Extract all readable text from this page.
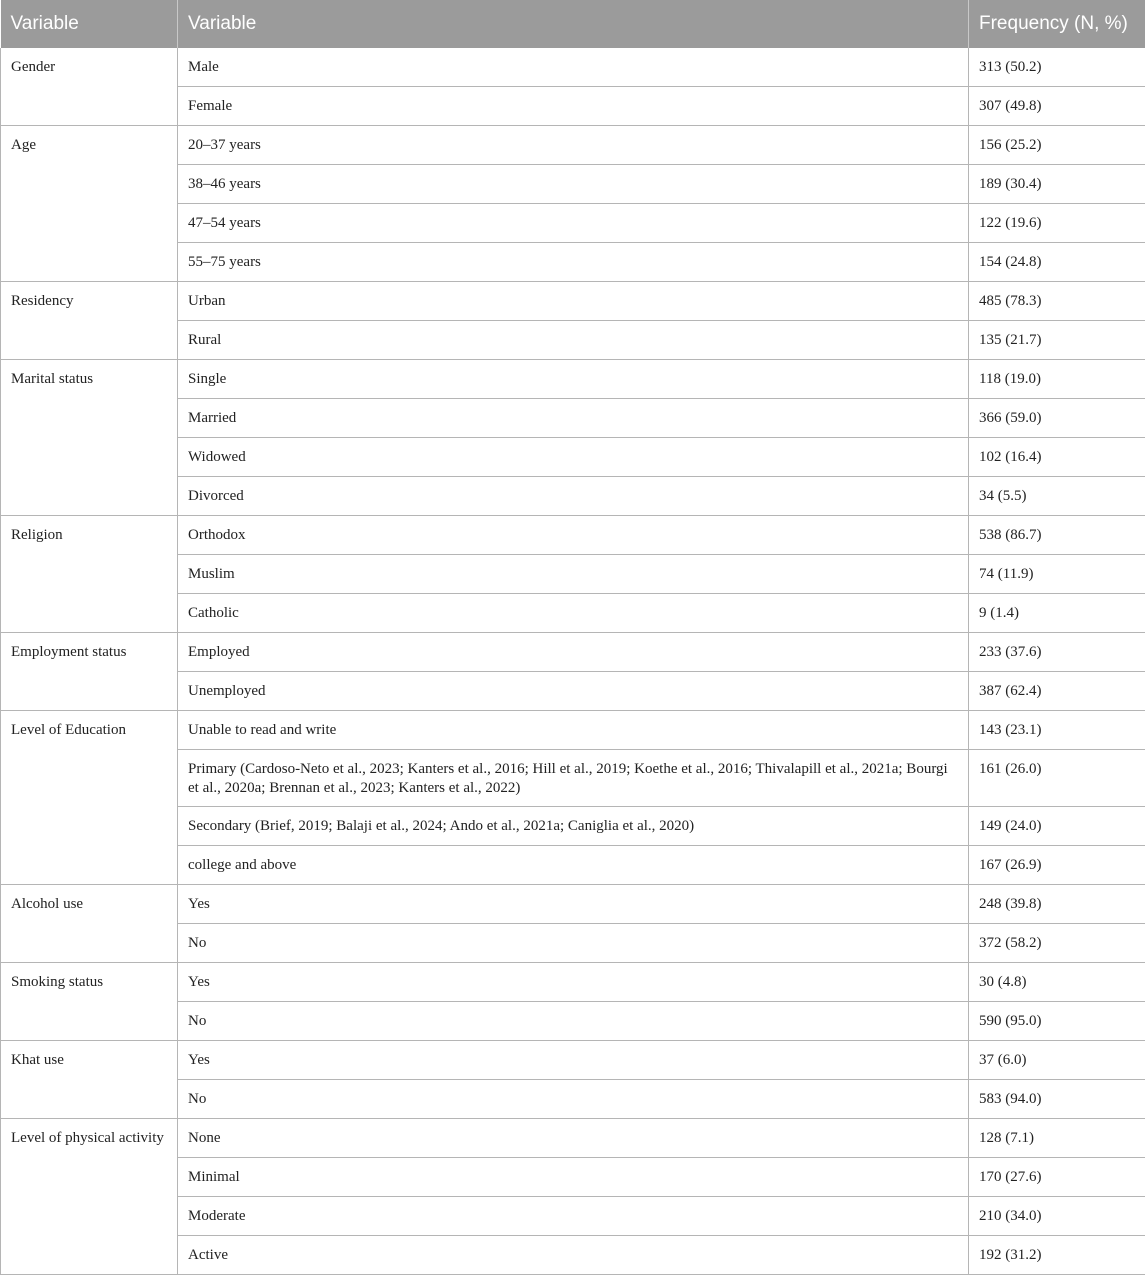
Variable	Variable	Frequency (N, %)
Gender	Male	313 (50.2)
	Female	307 (49.8)
Age	20–37 years	156 (25.2)
	38–46 years	189 (30.4)
	47–54 years	122 (19.6)
	55–75 years	154 (24.8)
Residency	Urban	485 (78.3)
	Rural	135 (21.7)
Marital status	Single	118 (19.0)
	Married	366 (59.0)
	Widowed	102 (16.4)
	Divorced	34 (5.5)
Religion	Orthodox	538 (86.7)
	Muslim	74 (11.9)
	Catholic	9 (1.4)
Employment status	Employed	233 (37.6)
	Unemployed	387 (62.4)
Level of Education	Unable to read and write	143 (23.1)
	Primary (Cardoso-Neto et al., 2023; Kanters et al., 2016; Hill et al., 2019; Koethe et al., 2016; Thivalapill et al., 2021a; Bourgi et al., 2020a; Brennan et al., 2023; Kanters et al., 2022)	161 (26.0)
	Secondary (Brief, 2019; Balaji et al., 2024; Ando et al., 2021a; Caniglia et al., 2020)	149 (24.0)
	college and above	167 (26.9)
Alcohol use	Yes	248 (39.8)
	No	372 (58.2)
Smoking status	Yes	30 (4.8)
	No	590 (95.0)
Khat use	Yes	37 (6.0)
	No	583 (94.0)
Level of physical activity	None	128 (7.1)
	Minimal	170 (27.6)
	Moderate	210 (34.0)
	Active	192 (31.2)
